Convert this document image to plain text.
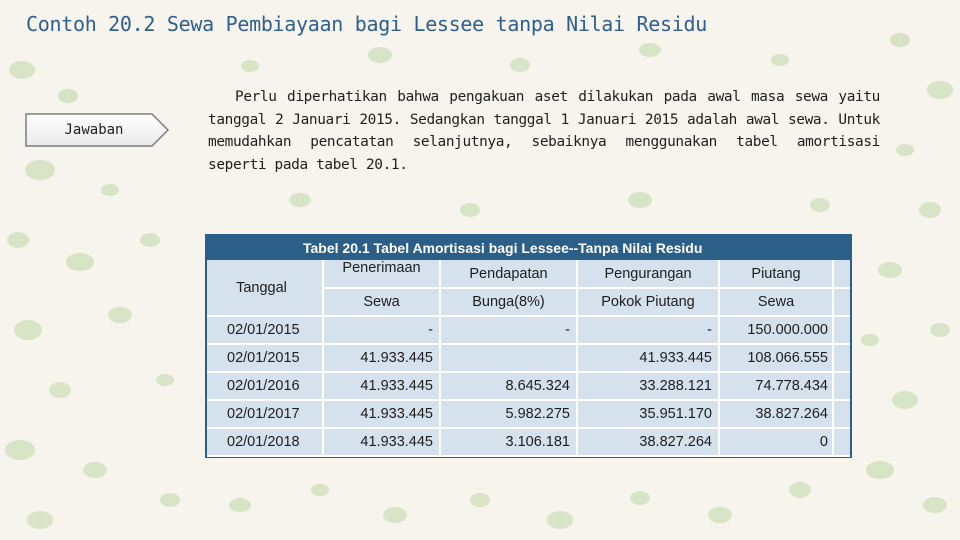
Contoh 20.2 Sewa Pembiayaan bagi Lessee tanpa Nilai Residu
Jawaban
Perlu diperhatikan bahwa pengakuan aset dilakukan pada awal masa sewa yaitu tanggal 2 Januari 2015. Sedangkan tanggal 1 Januari 2015 adalah awal sewa. Untuk memudahkan pencatatan selanjutnya, sebaiknya menggunakan tabel amortisasi seperti pada tabel 20.1.
Tabel 20.1 Tabel Amortisasi bagi Lessee--Tanpa Nilai Residu
Tanggal	Penerimaan	Pendapatan	Pengurangan	Piutang	
	Sewa	Bunga(8%)	Pokok Piutang	Sewa	
02/01/2015	-	-	-	150.000.000	
02/01/2015	41.933.445		41.933.445	108.066.555	
02/01/2016	41.933.445	8.645.324	33.288.121	74.778.434	
02/01/2017	41.933.445	5.982.275	35.951.170	38.827.264	
02/01/2018	41.933.445	3.106.181	38.827.264	0	
